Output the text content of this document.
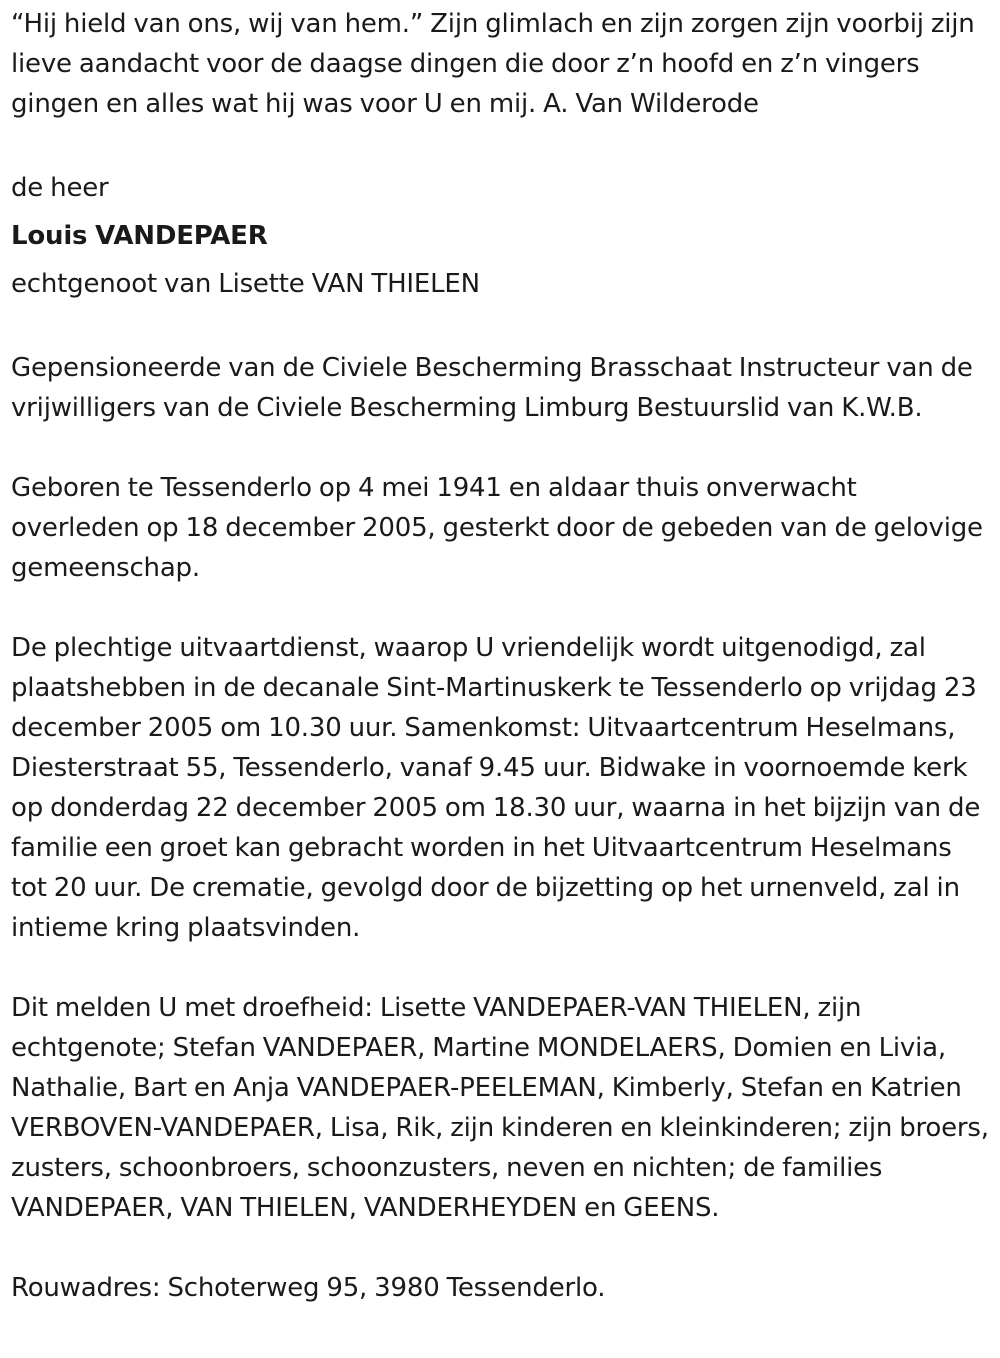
“Hij hield van ons, wij van hem.” Zijn glimlach en zijn zorgen zijn voorbij zijn lieve aandacht voor de daagse dingen die door z’n hoofd en z’n vingers gingen en alles wat hij was voor U en mij. A. Van Wilderode

de heer

Louis VANDEPAER

echtgenoot van Lisette VAN THIELEN

Gepensioneerde van de Civiele Bescherming Brasschaat Instructeur van de vrijwilligers van de Civiele Bescherming Limburg Bestuurslid van K.W.B.

Geboren te Tessenderlo op 4 mei 1941 en aldaar thuis onverwacht overleden op 18 december 2005, gesterkt door de gebeden van de gelovige gemeenschap.

De plechtige uitvaartdienst, waarop U vriendelijk wordt uitgenodigd, zal plaatshebben in de decanale Sint-Martinuskerk te Tessenderlo op vrijdag 23 december 2005 om 10.30 uur. Samenkomst: Uitvaartcentrum Heselmans, Diesterstraat 55, Tessenderlo, vanaf 9.45 uur. Bidwake in voornoemde kerk op donderdag 22 december 2005 om 18.30 uur, waarna in het bijzijn van de familie een groet kan gebracht worden in het Uitvaartcentrum Heselmans tot 20 uur. De crematie, gevolgd door de bijzetting op het urnenveld, zal in intieme kring plaatsvinden.

Dit melden U met droefheid: Lisette VANDEPAER-VAN THIELEN, zijn echtgenote; Stefan VANDEPAER, Martine MONDELAERS, Domien en Livia, Nathalie, Bart en Anja VANDEPAER-PEELEMAN, Kimberly, Stefan en Katrien VERBOVEN-VANDEPAER, Lisa, Rik, zijn kinderen en kleinkinderen; zijn broers, zusters, schoonbroers, schoonzusters, neven en nichten; de families VANDEPAER, VAN THIELEN, VANDERHEYDEN en GEENS.

Rouwadres: Schoterweg 95, 3980 Tessenderlo.
